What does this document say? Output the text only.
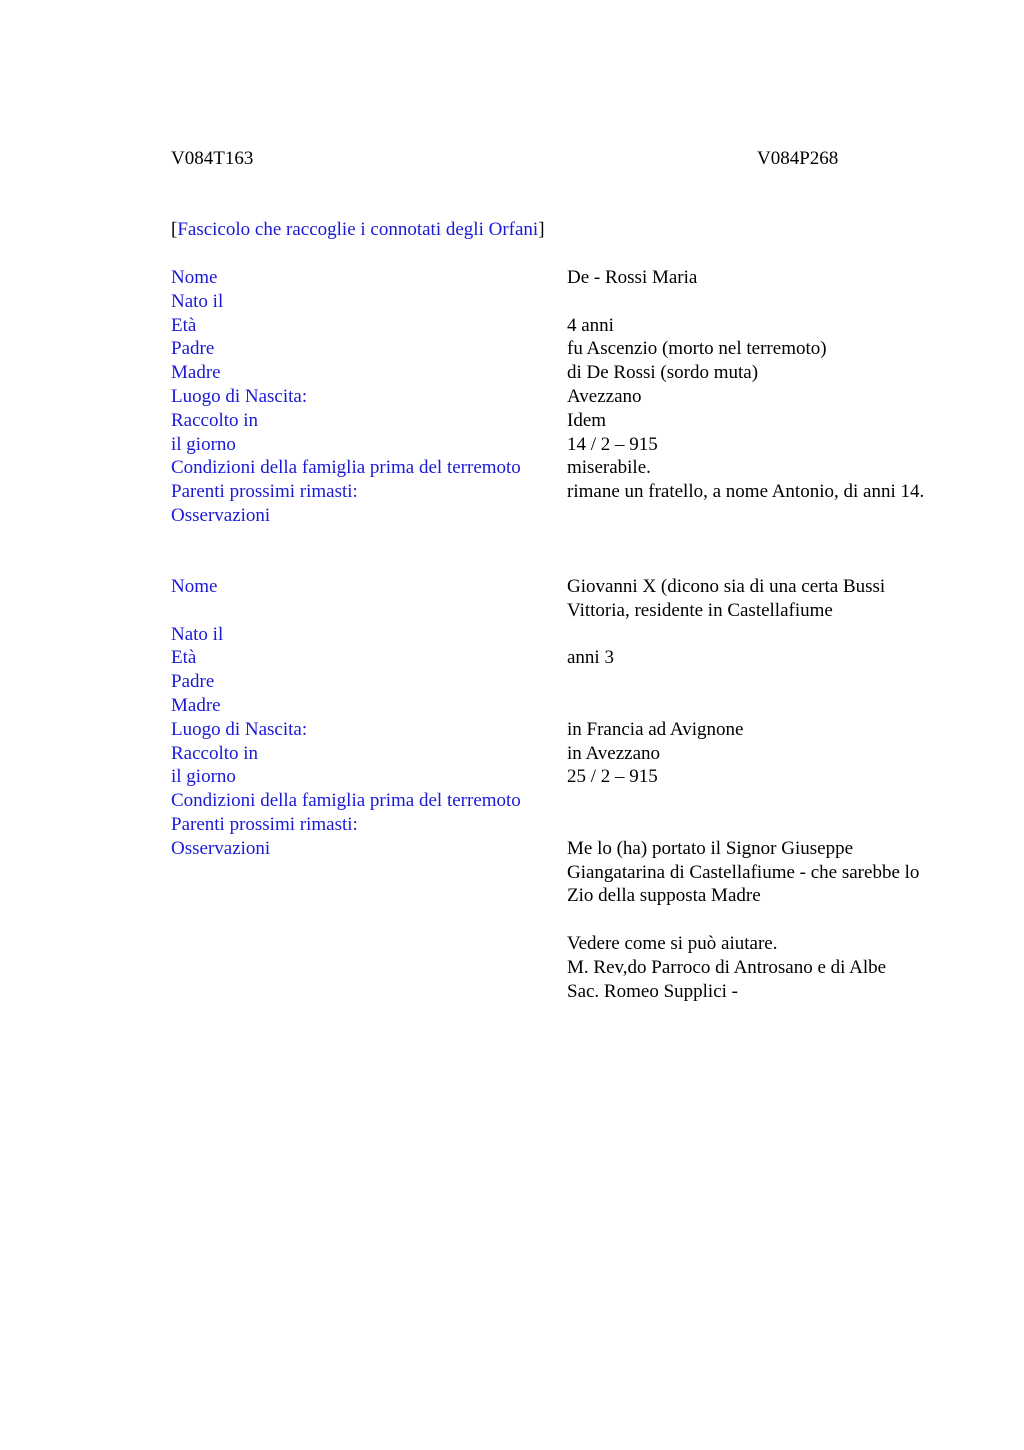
V084T163	V084P268
[Fascicolo che raccoglie i connotati degli Orfani]
Nome	De - Rossi Maria

Nato il
Età	4 anni

Padre	fu Ascenzio (morto nel terremoto)

Madre	di De Rossi (sordo muta)

Luogo di Nascita:	Avezzano

Raccolto in	Idem

il giorno	14 / 2 – 915

Condizioni della famiglia prima del terremoto	miserabile.

Parenti prossimi rimasti:	rimane un fratello, a nome Antonio, di anni 14.

Osservazioni
Nome	Giovanni X (dicono sia di una certa Bussi Vittoria, residente in Castellafiume

Nato il
Età	anni 3

Padre
Madre
Luogo di Nascita:	in Francia ad Avignone

Raccolto in	in Avezzano

il giorno	25 / 2 – 915

Condizioni della famiglia prima del terremoto
Parenti prossimi rimasti:
Osservazioni	Me lo (ha) portato il Signor Giuseppe Giangatarina di Castellafiume - che sarebbe lo Zio della supposta Madre

Vedere come si può aiutare.

M. Rev,do Parroco di Antrosano e di Albe

Sac. Romeo Supplici -
